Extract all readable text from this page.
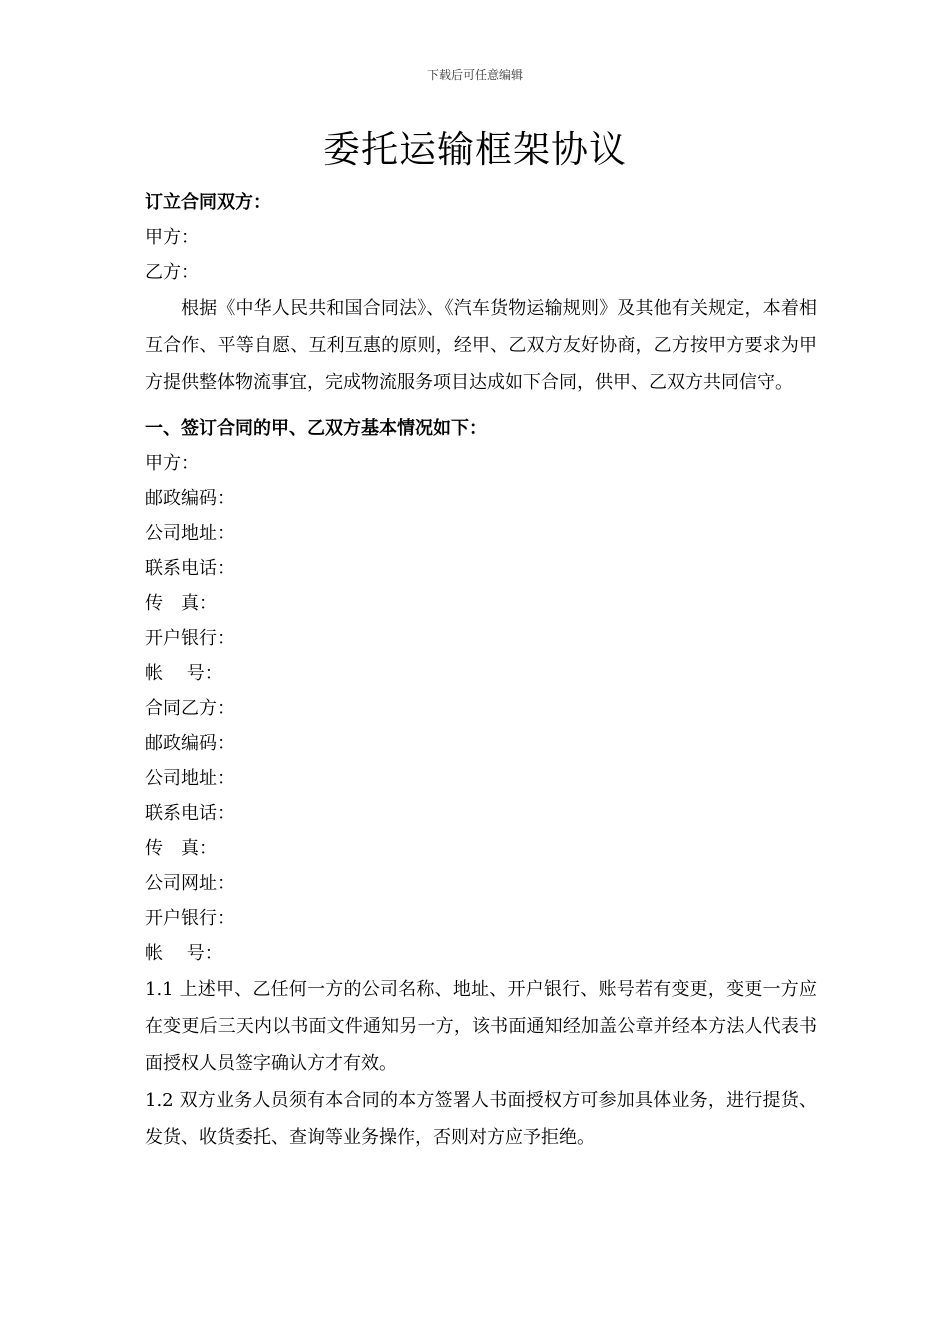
下载后可任意编辑
委托运输框架协议
订立合同双方：
甲方：
乙方：
根据《中华人民共和国合同法》、《汽车货物运输规则》及其他有关规定，本着相互合作、平等自愿、互利互惠的原则，经甲、乙双方友好协商，乙方按甲方要求为甲方提供整体物流事宜，完成物流服务项目达成如下合同，供甲、乙双方共同信守。
一、签订合同的甲、乙双方基本情况如下：
甲方：
邮政编码：
公司地址：
联系电话：
传　真：
开户银行：
帐　 号：
合同乙方：
邮政编码：
公司地址：
联系电话：
传　真：
公司网址：
开户银行：
帐　 号：
1.1 上述甲、乙任何一方的公司名称、地址、开户银行、账号若有变更，变更一方应在变更后三天内以书面文件通知另一方，该书面通知经加盖公章并经本方法人代表书面授权人员签字确认方才有效。
1.2 双方业务人员须有本合同的本方签署人书面授权方可参加具体业务，进行提货、发货、收货委托、查询等业务操作，否则对方应予拒绝。
